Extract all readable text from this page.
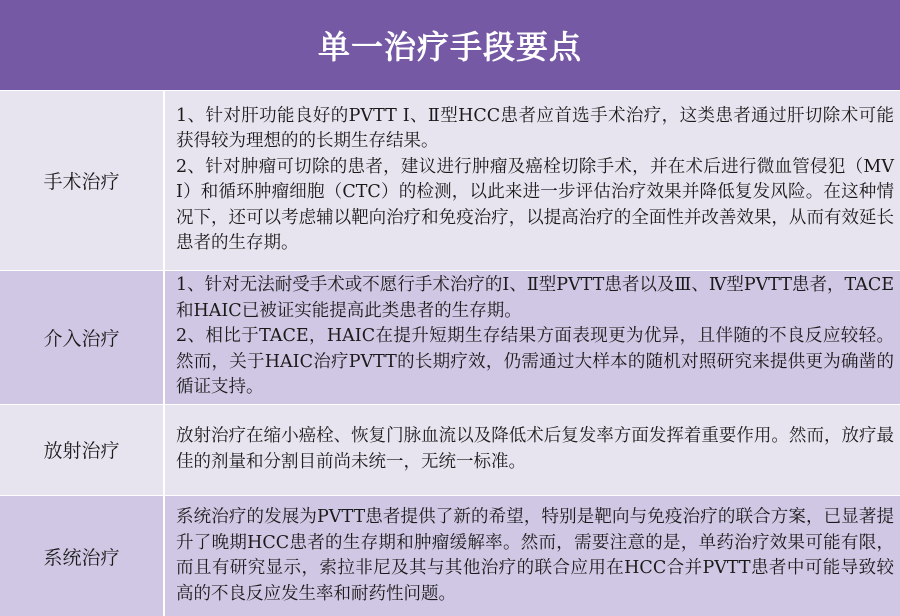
单一治疗手段要点
手术治疗	1、针对肝功能良好的PVTT Ⅰ、Ⅱ型HCC患者应首选手术治疗，这类患者通过肝切除术可能获得较为理想的的长期生存结果。

2、针对肿瘤可切除的患者，建议进行肿瘤及癌栓切除手术，并在术后进行微血管侵犯（MVI）和循环肿瘤细胞（CTC）的检测，以此来进一步评估治疗效果并降低复发风险。在这种情况下，还可以考虑辅以靶向治疗和免疫治疗，以提高治疗的全面性并改善效果，从而有效延长患者的生存期。

介入治疗	1、针对无法耐受手术或不愿行手术治疗的Ⅰ、Ⅱ型PVTT患者以及Ⅲ、Ⅳ型PVTT患者，TACE和HAIC已被证实能提高此类患者的生存期。

2、相比于TACE，HAIC在提升短期生存结果方面表现更为优异，且伴随的不良反应较轻。然而，关于HAIC治疗PVTT的长期疗效，仍需通过大样本的随机对照研究来提供更为确凿的循证支持。

放射治疗	放射治疗在缩小癌栓、恢复门脉血流以及降低术后复发率方面发挥着重要作用。然而，放疗最佳的剂量和分割目前尚未统一，无统一标准。

系统治疗	系统治疗的发展为PVTT患者提供了新的希望，特别是靶向与免疫治疗的联合方案，已显著提升了晚期HCC患者的生存期和肿瘤缓解率。然而，需要注意的是，单药治疗效果可能有限，而且有研究显示，索拉非尼及其与其他治疗的联合应用在HCC合并PVTT患者中可能导致较高的不良反应发生率和耐药性问题。
